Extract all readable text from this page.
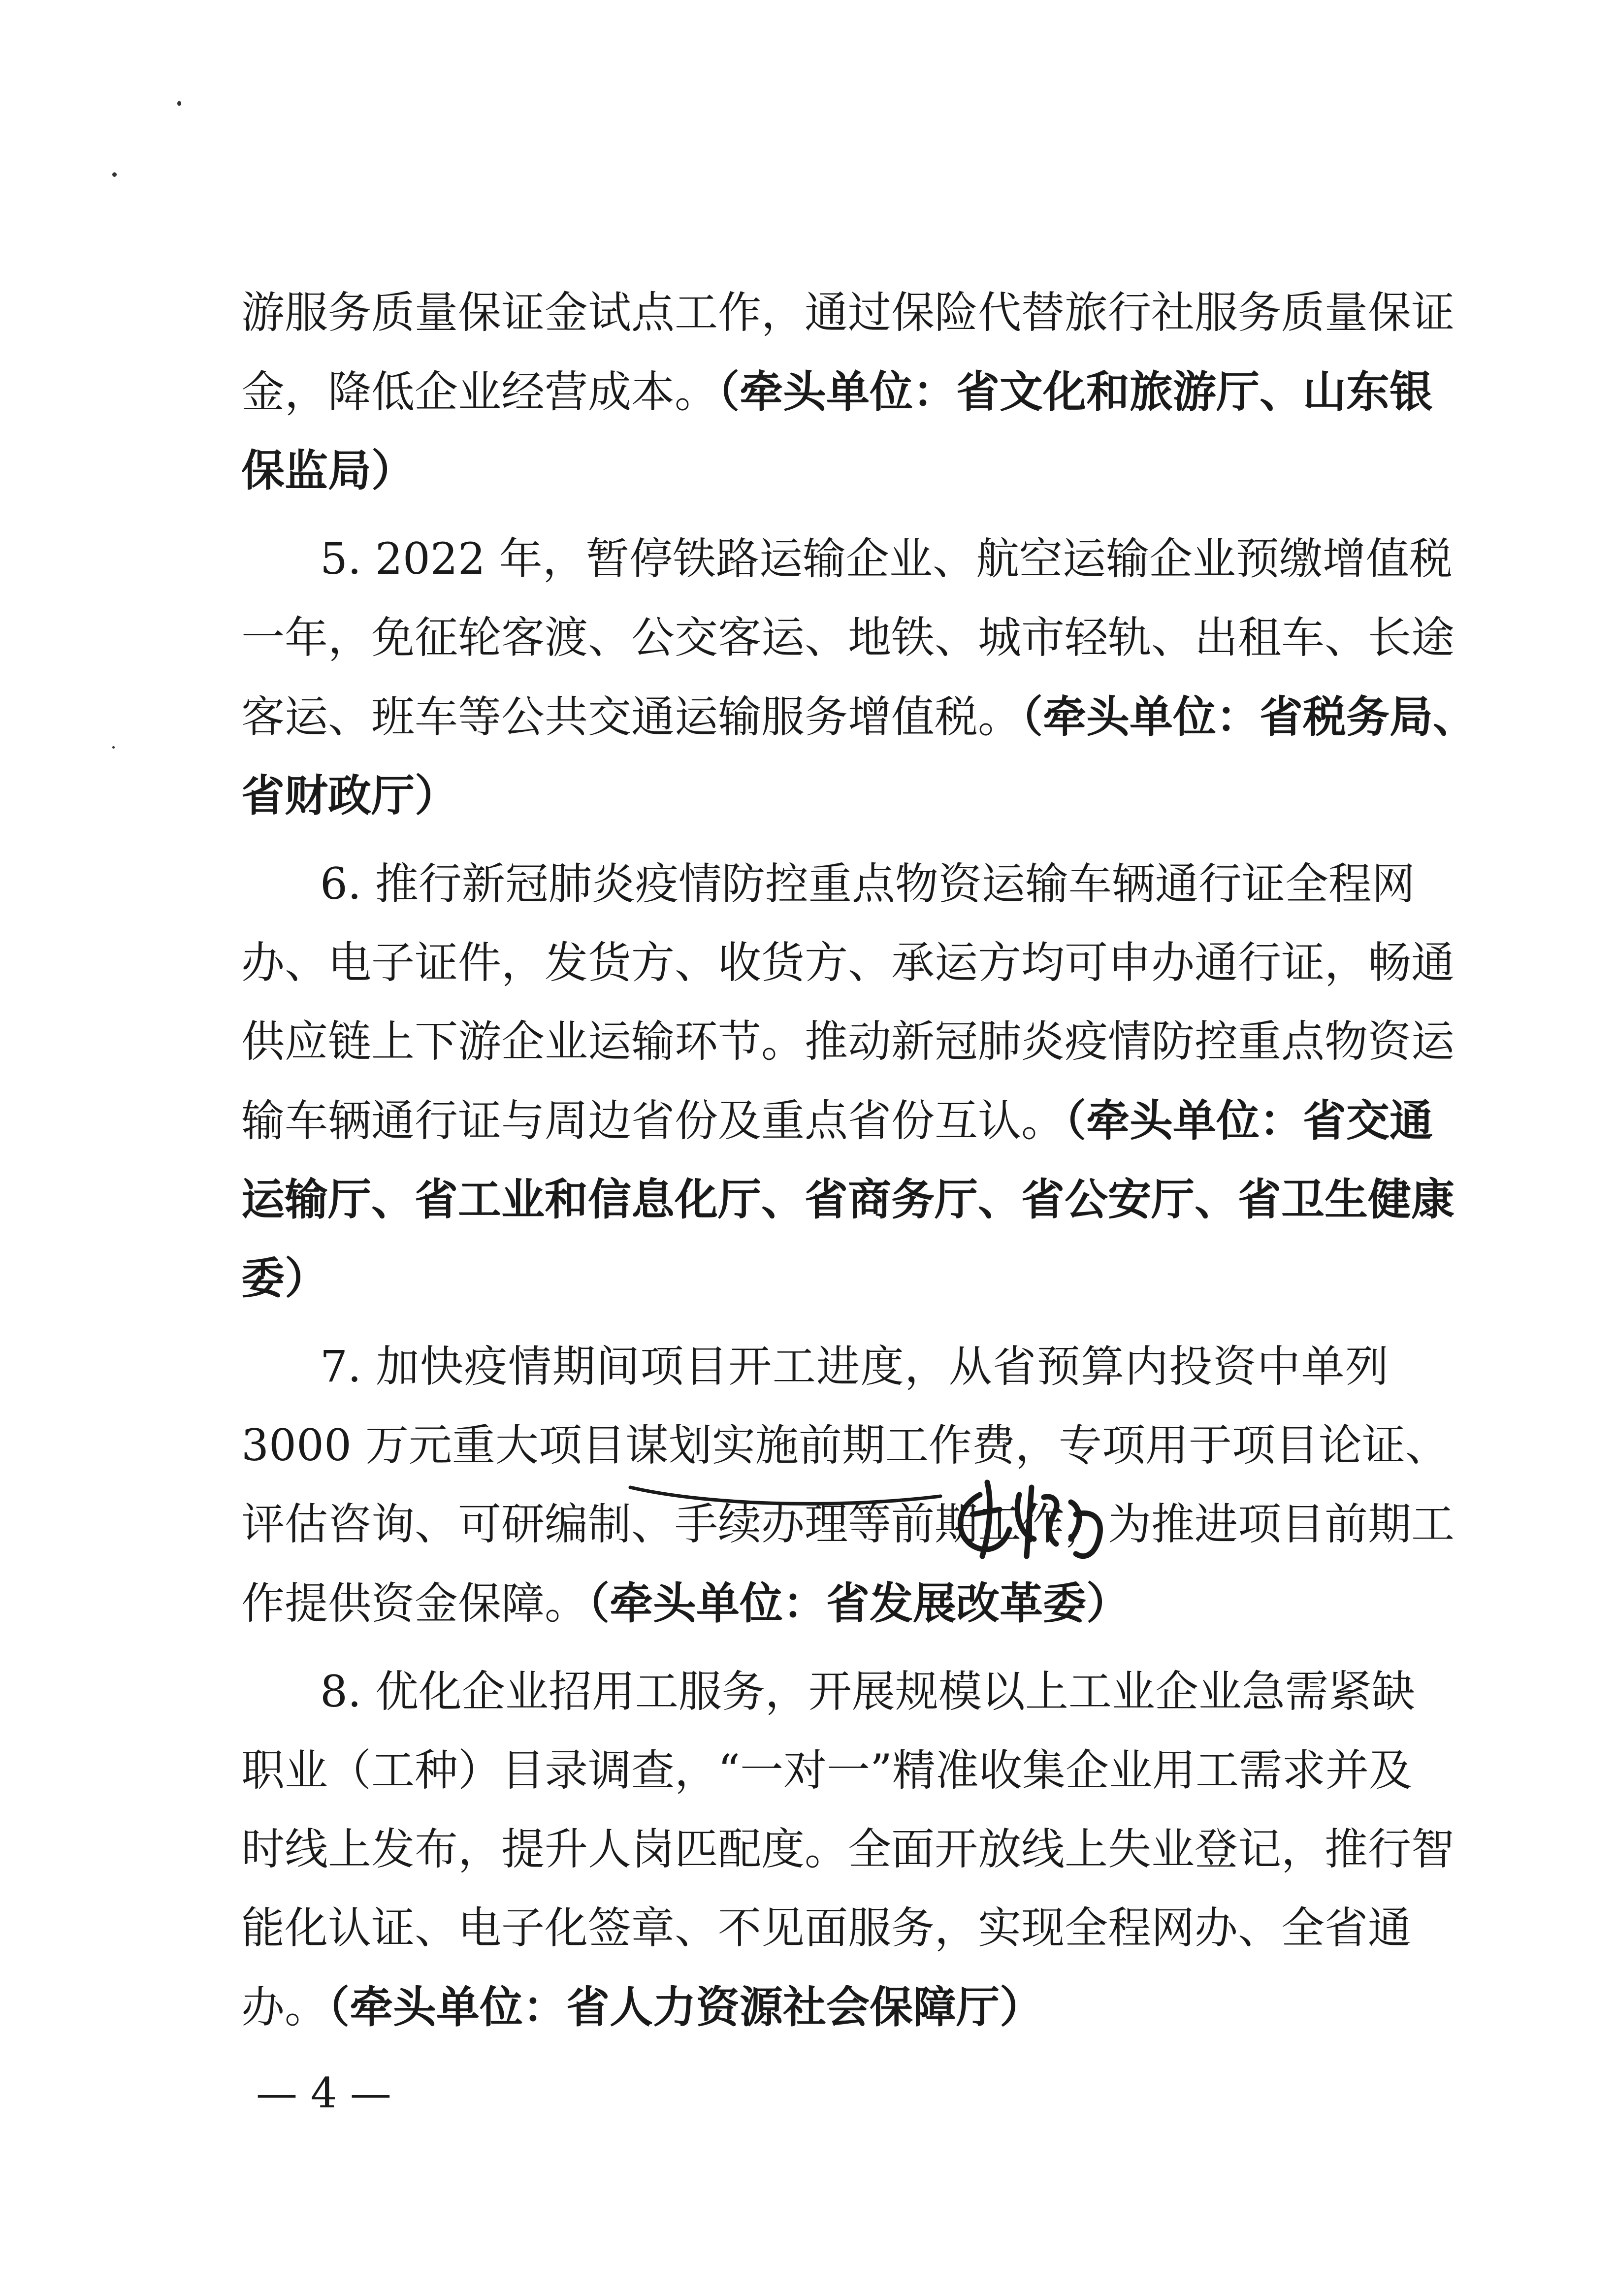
游服务质量保证金试点工作，通过保险代替旅行社服务质量保证
金，降低企业经营成本。（牵头单位：省文化和旅游厅、山东银
保监局）
5. 2022 年，暂停铁路运输企业、航空运输企业预缴增值税
一年，免征轮客渡、公交客运、地铁、城市轻轨、出租车、长途
客运、班车等公共交通运输服务增值税。（牵头单位：省税务局、
省财政厅）
6. 推行新冠肺炎疫情防控重点物资运输车辆通行证全程网
办、电子证件，发货方、收货方、承运方均可申办通行证，畅通
供应链上下游企业运输环节。推动新冠肺炎疫情防控重点物资运
输车辆通行证与周边省份及重点省份互认。（牵头单位：省交通
运输厅、省工业和信息化厅、省商务厅、省公安厅、省卫生健康
委）
7. 加快疫情期间项目开工进度，从省预算内投资中单列
3000 万元重大项目谋划实施前期工作费，专项用于项目论证、
评估咨询、可研编制、手续办理等前期工作，为推进项目前期工
作提供资金保障。（牵头单位：省发展改革委）
8. 优化企业招用工服务，开展规模以上工业企业急需紧缺
职业（工种）目录调查，“一对一”精准收集企业用工需求并及
时线上发布，提升人岗匹配度。全面开放线上失业登记，推行智
能化认证、电子化签章、不见面服务，实现全程网办、全省通
办。（牵头单位：省人力资源社会保障厅）
— 4 —
